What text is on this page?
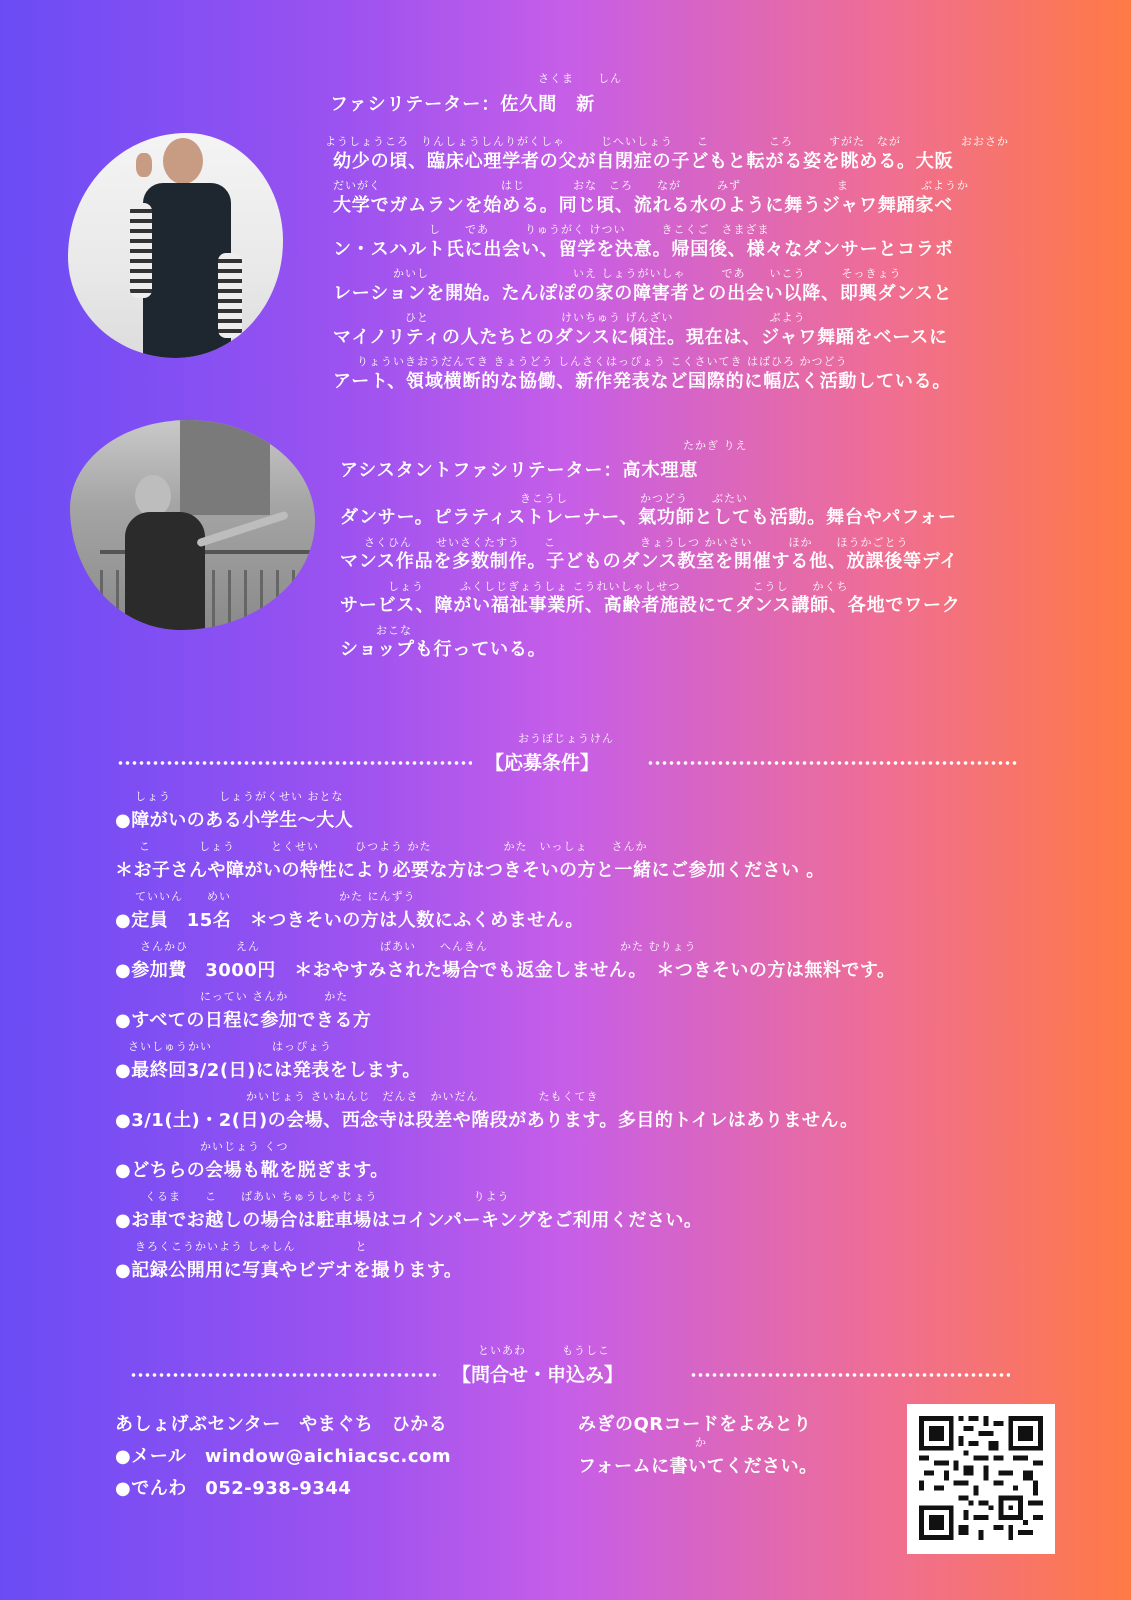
さくま　　しん
ファシリテーター：佐久間　新
幼少の頃、臨床心理学者の父が自閉症の子どもと転がる姿を眺める。大阪
大学でガムランを始める。同じ頃、流れる水のように舞うジャワ舞踊家ベ
ン・スハルト氏に出会い、留学を決意。帰国後、様々なダンサーとコラボ
レーションを開始。たんぽぽの家の障害者との出会い以降、即興ダンスと
マイノリティの人たちとのダンスに傾注。現在は、ジャワ舞踊をベースに
アート、領域横断的な協働、新作発表など国際的に幅広く活動している。
ようしょうころ　りんしょうしんりがくしゃ　　　じへいしょう　　こ　　　　　ころ　　　すがた　なが　　　　　おおさか
だいがく　　　　　　　　　　はじ　　　　おな　ころ　　なが　　　みず　　　　　　　　ま　　　　　　ぶようか
　　　　　　　　し　　であ　　　りゅうがく けつい　　　きこくご　さまざま
　　　　　かいし　　　　　　　　　　　　いえ しょうがいしゃ　　　であ　　いこう　　　そっきょう
　　　　　　ひと　　　　　　　　　　　けいちゅう げんざい　　　　　　　　ぶよう
　　りょういきおうだんてき きょうどう しんさくはっぴょう こくさいてき はばひろ かつどう
たかぎ りえ
アシスタントファシリテーター：高木理恵
ダンサー。ピラティストレーナー、氣功師としても活動。舞台やパフォー
マンス作品を多数制作。子どものダンス教室を開催する他、放課後等デイ
サービス、障がい福祉事業所、高齢者施設にてダンス講師、各地でワーク
ショップも行っている。
　　　　　　　　　　　　　　　きこうし　　　　　　かつどう　　ぶたい
　　さくひん　　せいさくたすう　　こ　　　　　　　きょうしつ かいさい　　　ほか　　ほうかごとう
　　　　しょう　　　ふくしじぎょうしょ こうれいしゃしせつ　　　　　　こうし　　かくち
　　　おこな
おうぼじょうけん
【応募条件】
しょう　　　　しょうがくせい おとな
●障がいのある小学生〜大人
　　こ　　　　しょう　　　とくせい　　　ひつよう かた　　　　　　かた　いっしょ　　さんか
＊お子さんや障がいの特性により必要な方はつきそいの方と一緒にご参加ください 。
ていいん　　めい　　　　　　　　　かた にんずう
●定員　15名　＊つきそいの方は人数にふくめません。
さんかひ　　　　えん　　　　　　　　　　ばあい　　へんきん　　　　　　　　　　　かた むりょう
●参加費　3000円　＊おやすみされた場合でも返金しません。　＊つきそいの方は無料です。
　　　　　にってい さんか　　　かた
●すべての日程に参加できる方
さいしゅうかい　　　　　はっぴょう
●最終回3/2(日)には発表をします。
　　　　　　　　かいじょう さいねんじ　だんさ　かいだん　　　　　たもくてき
●3/1(土)・2(日)の会場、西念寺は段差や階段があります。多目的トイレはありません。
　　　　　かいじょう くつ
●どちらの会場も靴を脱ぎます。
くるま　　こ　　ばあい ちゅうしゃじょう　　　　　　　　りよう
●お車でお越しの場合は駐車場はコインパーキングをご利用ください。
きろくこうかいよう しゃしん　　　　　と
●記録公開用に写真やビデオを撮ります。
といあわ　　　もうしこ
【問合せ・申込み】
あしょげぶセンター　やまぐち　ひかる
●メール　window@aichiacsc.com
●でんわ　052-938-9344
みぎのQRコードをよみとり
か
フォームに書いてください。
